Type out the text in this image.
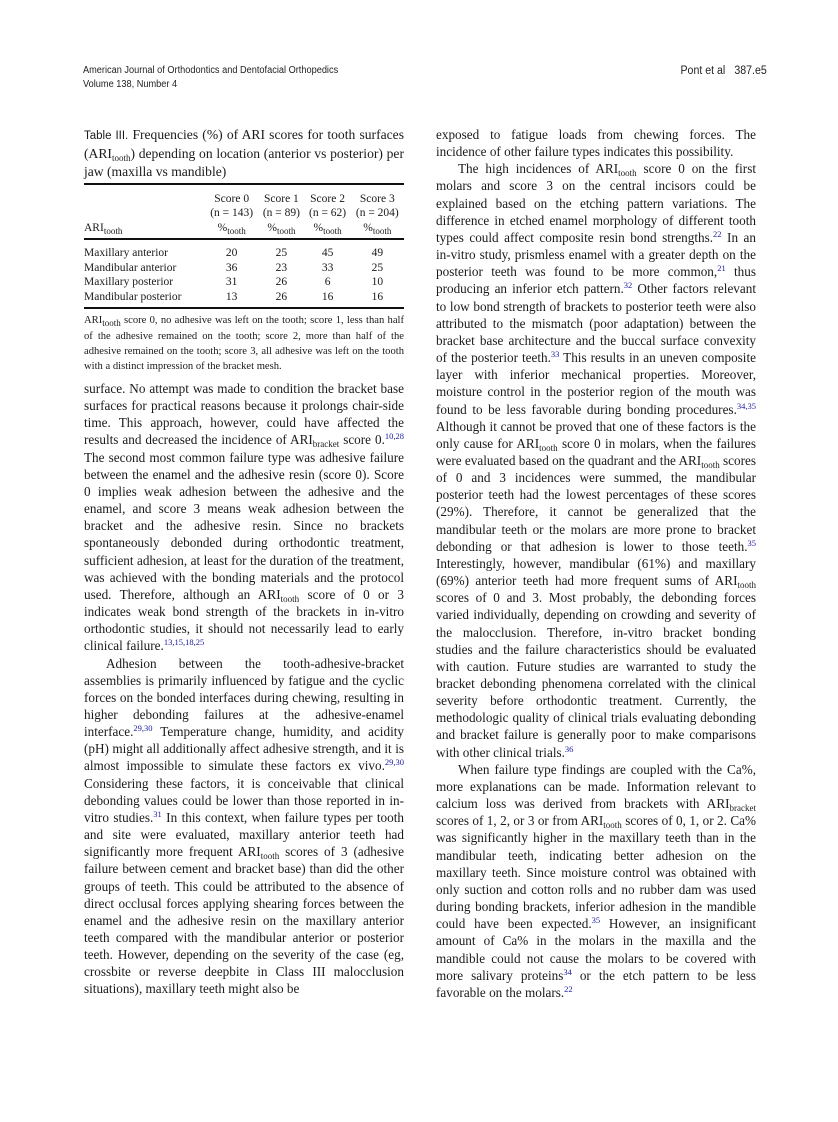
American Journal of Orthodontics and Dentofacial Orthopedics
Volume 138, Number 4
Pont et al 387.e5
Table III. Frequencies (%) of ARI scores for tooth surfaces $(ARI_{tooth})$ depending on location (anterior vs posterior) per jaw (maxilla vs mandible)
	Score 0	Score 1	Score 2	Score 3
	(n = 143)	(n = 89)	(n = 62)	(n = 204)
$ARI_{tooth}$	$\%_{tooth}$	$\%_{tooth}$	$\%_{tooth}$	$\%_{tooth}$
Maxillary anterior	20	25	45	49
Mandibular anterior	36	23	33	25
Maxillary posterior	31	26	6	10
Mandibular posterior	13	26	16	16
$ARI_{tooth}$ score 0, no adhesive was left on the tooth; score 1, less than half of the adhesive remained on the tooth; score 2, more than half of the adhesive remained on the tooth; score 3, all adhesive was left on the tooth with a distinct impression of the bracket mesh.

surface. No attempt was made to condition the bracket base surfaces for practical reasons because it prolongs chair-side time. This approach, however, could have affected the results and decreased the incidence of $ARI_{bracket}$ score 0.$^{10,28}$ The second most common failure type was adhesive failure between the enamel and the adhesive resin (score 0). Score 0 implies weak adhesion between the adhesive and the enamel, and score 3 means weak adhesion between the bracket and the adhesive resin. Since no brackets spontaneously debonded during orthodontic treatment, sufficient adhesion, at least for the duration of the treatment, was achieved with the bonding materials and the protocol used. Therefore, although an $ARI_{tooth}$ score of 0 or 3 indicates weak bond strength of the brackets in in-vitro orthodontic studies, it should not necessarily lead to early clinical failure.$^{13,15,18,25}$

Adhesion between the tooth-adhesive-bracket assemblies is primarily influenced by fatigue and the cyclic forces on the bonded interfaces during chewing, resulting in higher debonding failures at the adhesive-enamel interface.$^{29,30}$ Temperature change, humidity, and acidity (pH) might all additionally affect adhesive strength, and it is almost impossible to simulate these factors ex vivo.$^{29,30}$ Considering these factors, it is conceivable that clinical debonding values could be lower than those reported in in-vitro studies.$^{31}$ In this context, when failure types per tooth and site were evaluated, maxillary anterior teeth had significantly more frequent $ARI_{tooth}$ scores of 3 (adhesive failure between cement and bracket base) than did the other groups of teeth. This could be attributed to the absence of direct occlusal forces applying shearing forces between the enamel and the adhesive resin on the maxillary anterior teeth compared with the mandibular anterior or posterior teeth. However, depending on the severity of the case (eg, crossbite or reverse deepbite in Class III malocclusion situations), maxillary teeth might also be

exposed to fatigue loads from chewing forces. The incidence of other failure types indicates this possibility.

The high incidences of $ARI_{tooth}$ score 0 on the first molars and score 3 on the central incisors could be explained based on the etching pattern variations. The difference in etched enamel morphology of different tooth types could affect composite resin bond strengths.$^{22}$ In an in-vitro study, prismless enamel with a greater depth on the posterior teeth was found to be more common,$^{21}$ thus producing an inferior etch pattern.$^{32}$ Other factors relevant to low bond strength of brackets to posterior teeth were also attributed to the mismatch (poor adaptation) between the bracket base architecture and the buccal surface convexity of the posterior teeth.$^{33}$ This results in an uneven composite layer with inferior mechanical properties. Moreover, moisture control in the posterior region of the mouth was found to be less favorable during bonding procedures.$^{34,35}$ Although it cannot be proved that one of these factors is the only cause for $ARI_{tooth}$ score 0 in molars, when the failures were evaluated based on the quadrant and the $ARI_{tooth}$ scores of 0 and 3 incidences were summed, the mandibular posterior teeth had the lowest percentages of these scores (29%). Therefore, it cannot be generalized that the mandibular teeth or the molars are more prone to bracket debonding or that adhesion is lower to those teeth.$^{35}$ Interestingly, however, mandibular (61%) and maxillary (69%) anterior teeth had more frequent sums of $ARI_{tooth}$ scores of 0 and 3. Most probably, the debonding forces varied individually, depending on crowding and severity of the malocclusion. Therefore, in-vitro bracket bonding studies and the failure characteristics should be evaluated with caution. Future studies are warranted to study the bracket debonding phenomena correlated with the clinical severity before orthodontic treatment. Currently, the methodologic quality of clinical trials evaluating debonding and bracket failure is generally poor to make comparisons with other clinical trials.$^{36}$

When failure type findings are coupled with the Ca%, more explanations can be made. Information relevant to calcium loss was derived from brackets with $ARI_{bracket}$ scores of 1, 2, or 3 or from $ARI_{tooth}$ scores of 0, 1, or 2. Ca% was significantly higher in the maxillary teeth than in the mandibular teeth, indicating better adhesion on the maxillary teeth. Since moisture control was obtained with only suction and cotton rolls and no rubber dam was used during bonding brackets, inferior adhesion in the mandible could have been expected.$^{35}$ However, an insignificant amount of Ca% in the molars in the maxilla and the mandible could not cause the molars to be covered with more salivary proteins$^{34}$ or the etch pattern to be less favorable on the molars.$^{22}$
